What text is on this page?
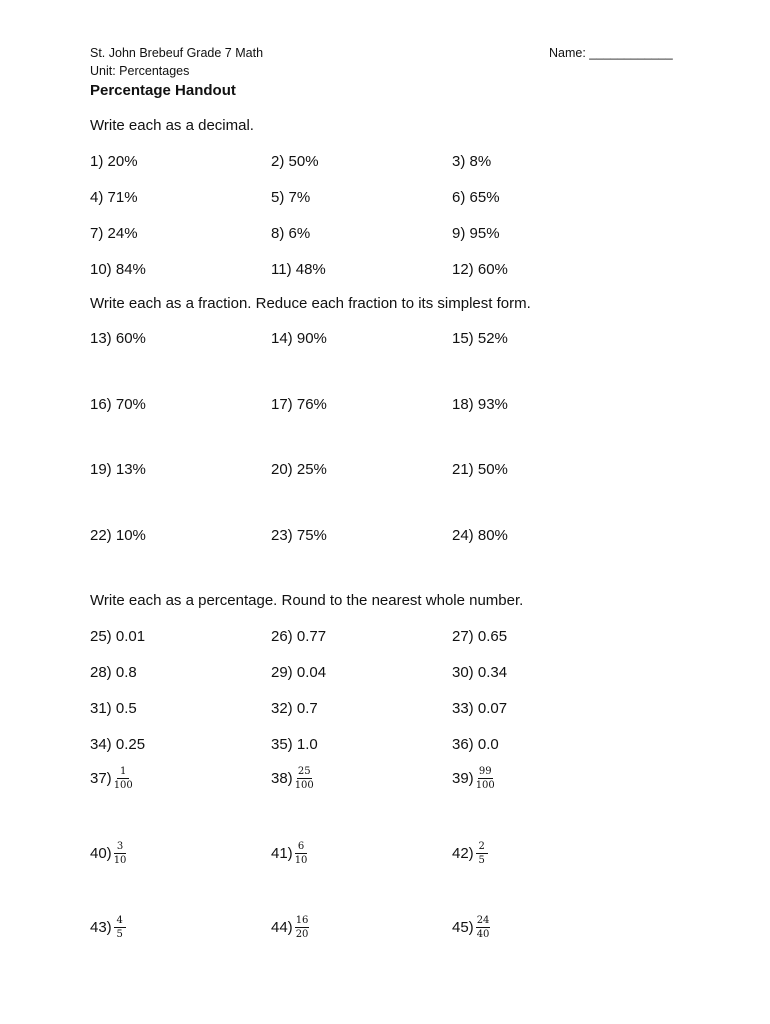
St. John Brebeuf Grade 7 Math	Name: ____________
Unit: Percentages
Percentage Handout
Write each as a decimal.
1) 20%	2) 50%	3) 8%
4) 71%	5) 7%	6) 65%
7) 24%	8) 6%	9) 95%
10) 84%	11) 48%	12) 60%
Write each as a fraction. Reduce each fraction to its simplest form.
13) 60%	14) 90%	15) 52%
16) 70%	17) 76%	18) 93%
19) 13%	20) 25%	21) 50%
22) 10%	23) 75%	24) 80%
Write each as a percentage. Round to the nearest whole number.
25) 0.01	26) 0.77	27) 0.65
28) 0.8	29) 0.04	30) 0.34
31) 0.5	32) 0.7	33) 0.07
34) 0.25	35) 1.0	36) 0.0
$37) \frac{1}{100}$	$38) \frac{25}{100}$	$39) \frac{99}{100}$
$40) \frac{3}{10}$	$41) \frac{6}{10}$	$42) \frac{2}{5}$
$43) \frac{4}{5}$	$44) \frac{16}{20}$	$45) \frac{24}{40}$
